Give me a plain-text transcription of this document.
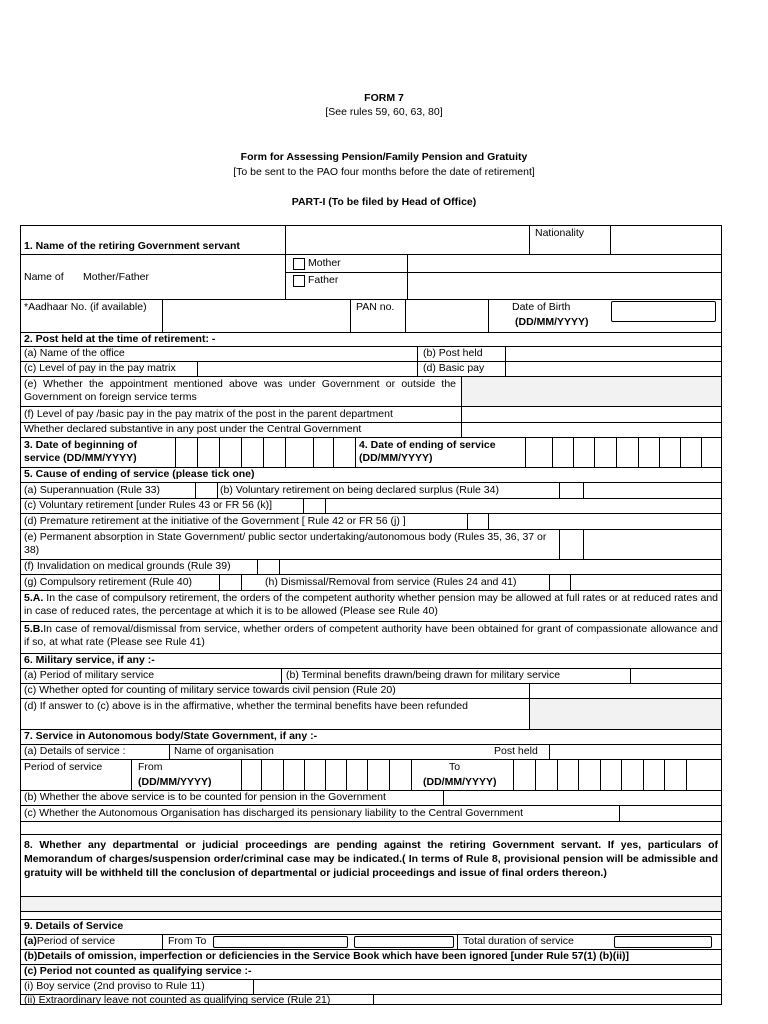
FORM 7
[See rules 59, 60, 63, 80]
Form for Assessing Pension/Family Pension and Gratuity
[To be sent to the PAO four months before the date of retirement]
PART-I (To be filed by Head of Office)
1. Name of the retiring Government servant
Nationality
Name of Mother/Father
Mother
Father
*Aadhaar No. (if available)	PAN no.	Date of Birth
(DD/MM/YYYY)
2. Post held at the time of retirement: -
(a) Name of the office	(b) Post held
(c) Level of pay in the pay matrix	(d) Basic pay
(e) Whether the appointment mentioned above was under Government or outside the Government on foreign service terms
(f) Level of pay /basic pay in the pay matrix of the post in the parent department
Whether declared substantive in any post under the Central Government
3. Date of beginning of service (DD/MM/YYYY)
4. Date of ending of service (DD/MM/YYYY)
5. Cause of ending of service (please tick one)
(a) Superannuation (Rule 33)	(b) Voluntary retirement on being declared surplus (Rule 34)
(c) Voluntary retirement [under Rules 43 or FR 56 (k)]
(d) Premature retirement at the initiative of the Government [ Rule 42 or FR 56 (j) ]
(e) Permanent absorption in State Government/ public sector undertaking/autonomous body (Rules 35, 36, 37 or 38)
(f) Invalidation on medical grounds (Rule 39)
(g) Compulsory retirement (Rule 40)	(h) Dismissal/Removal from service (Rules 24 and 41)
5.A. In the case of compulsory retirement, the orders of the competent authority whether pension may be allowed at full rates or at reduced rates and in case of reduced rates, the percentage at which it is to be allowed (Please see Rule 40)
5.B.In case of removal/dismissal from service, whether orders of competent authority have been obtained for grant of compassionate allowance and if so, at what rate (Please see Rule 41)
6. Military service, if any :-
(a) Period of military service	(b) Terminal benefits drawn/being drawn for military service
(c) Whether opted for counting of military service towards civil pension (Rule 20)
(d) If answer to (c) above is in the affirmative, whether the terminal benefits have been refunded
7. Service in Autonomous body/State Government, if any :-
(a) Details of service :	Name of organisation	Post held
Period of service	From
(DD/MM/YYYY)
To
(DD/MM/YYYY)
(b) Whether the above service is to be counted for pension in the Government
(c) Whether the Autonomous Organisation has discharged its pensionary liability to the Central Government
8. Whether any departmental or judicial proceedings are pending against the retiring Government servant. If yes, particulars of Memorandum of charges/suspension order/criminal case may be indicated.( In terms of Rule 8, provisional pension will be admissible and gratuity will be withheld till the conclusion of departmental or judicial proceedings and issue of final orders thereon.)
9. Details of Service
(a)Period of service	From To	Total duration of service
(b)Details of omission, imperfection or deficiencies in the Service Book which have been ignored [under Rule 57(1) (b)(ii)]
(c) Period not counted as qualifying service :-
(i) Boy service (2nd proviso to Rule 11)
(ii) Extraordinary leave not counted as qualifying service (Rule 21)
